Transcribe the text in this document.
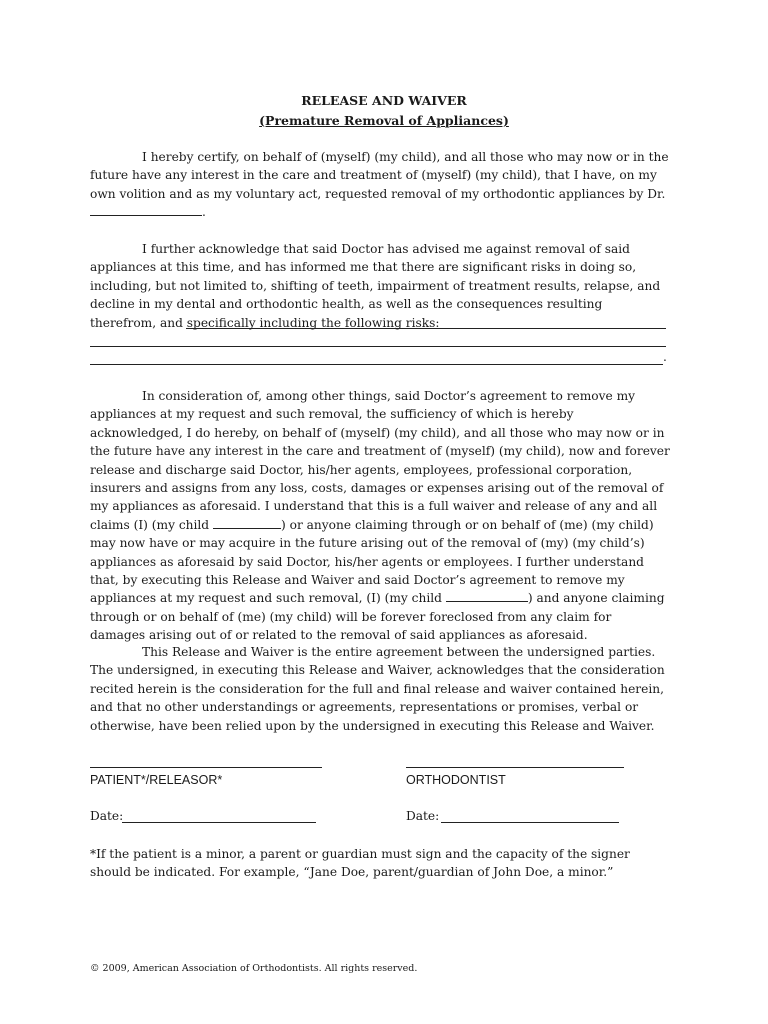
RELEASE AND WAIVER
(Premature Removal of Appliances)

I hereby certify, on behalf of (myself) (my child), and all those who may now or in the future have any interest in the care and treatment of (myself) (my child), that I have, on my own volition and as my voluntary act, requested removal of my orthodontic appliances by Dr.
.

I further acknowledge that said Doctor has advised me against removal of said appliances at this time, and has informed me that there are significant risks in doing so, including, but not limited to, shifting of teeth, impairment of treatment results, relapse, and decline in my dental and orthodontic health, as well as the consequences resulting therefrom, and specifically including the following risks:

.

In consideration of, among other things, said Doctor’s agreement to remove my appliances at my request and such removal, the sufficiency of which is hereby acknowledged, I do hereby, on behalf of (myself) (my child), and all those who may now or in the future have any interest in the care and treatment of (myself) (my child), now and forever release and discharge said Doctor, his/her agents, employees, professional corporation, insurers and assigns from any loss, costs, damages or expenses arising out of the removal of my appliances as aforesaid. I understand that this is a full waiver and release of any and all claims (I) (my child	) or anyone claiming through or on behalf of (me) (my child) may now have or may acquire in the future arising out of the removal of (my) (my child’s) appliances as aforesaid by said Doctor, his/her agents or employees. I further understand that, by executing this Release and Waiver and said Doctor’s agreement to remove my appliances at my request and such removal, (I) (my child	) and anyone claiming through or on behalf of (me) (my child) will be forever foreclosed from any claim for damages arising out of or related to the removal of said appliances as aforesaid.

This Release and Waiver is the entire agreement between the undersigned parties. The undersigned, in executing this Release and Waiver, acknowledges that the consideration recited herein is the consideration for the full and final release and waiver contained herein, and that no other understandings or agreements, representations or promises, verbal or otherwise, have been relied upon by the undersigned in executing this Release and Waiver.

PATIENT*/RELEASOR*	ORTHODONTIST
Date:	Date:
*If the patient is a minor, a parent or guardian must sign and the capacity of the signer should be indicated. For example, “Jane Doe, parent/guardian of John Doe, a minor.”
© 2009, American Association of Orthodontists. All rights reserved.
